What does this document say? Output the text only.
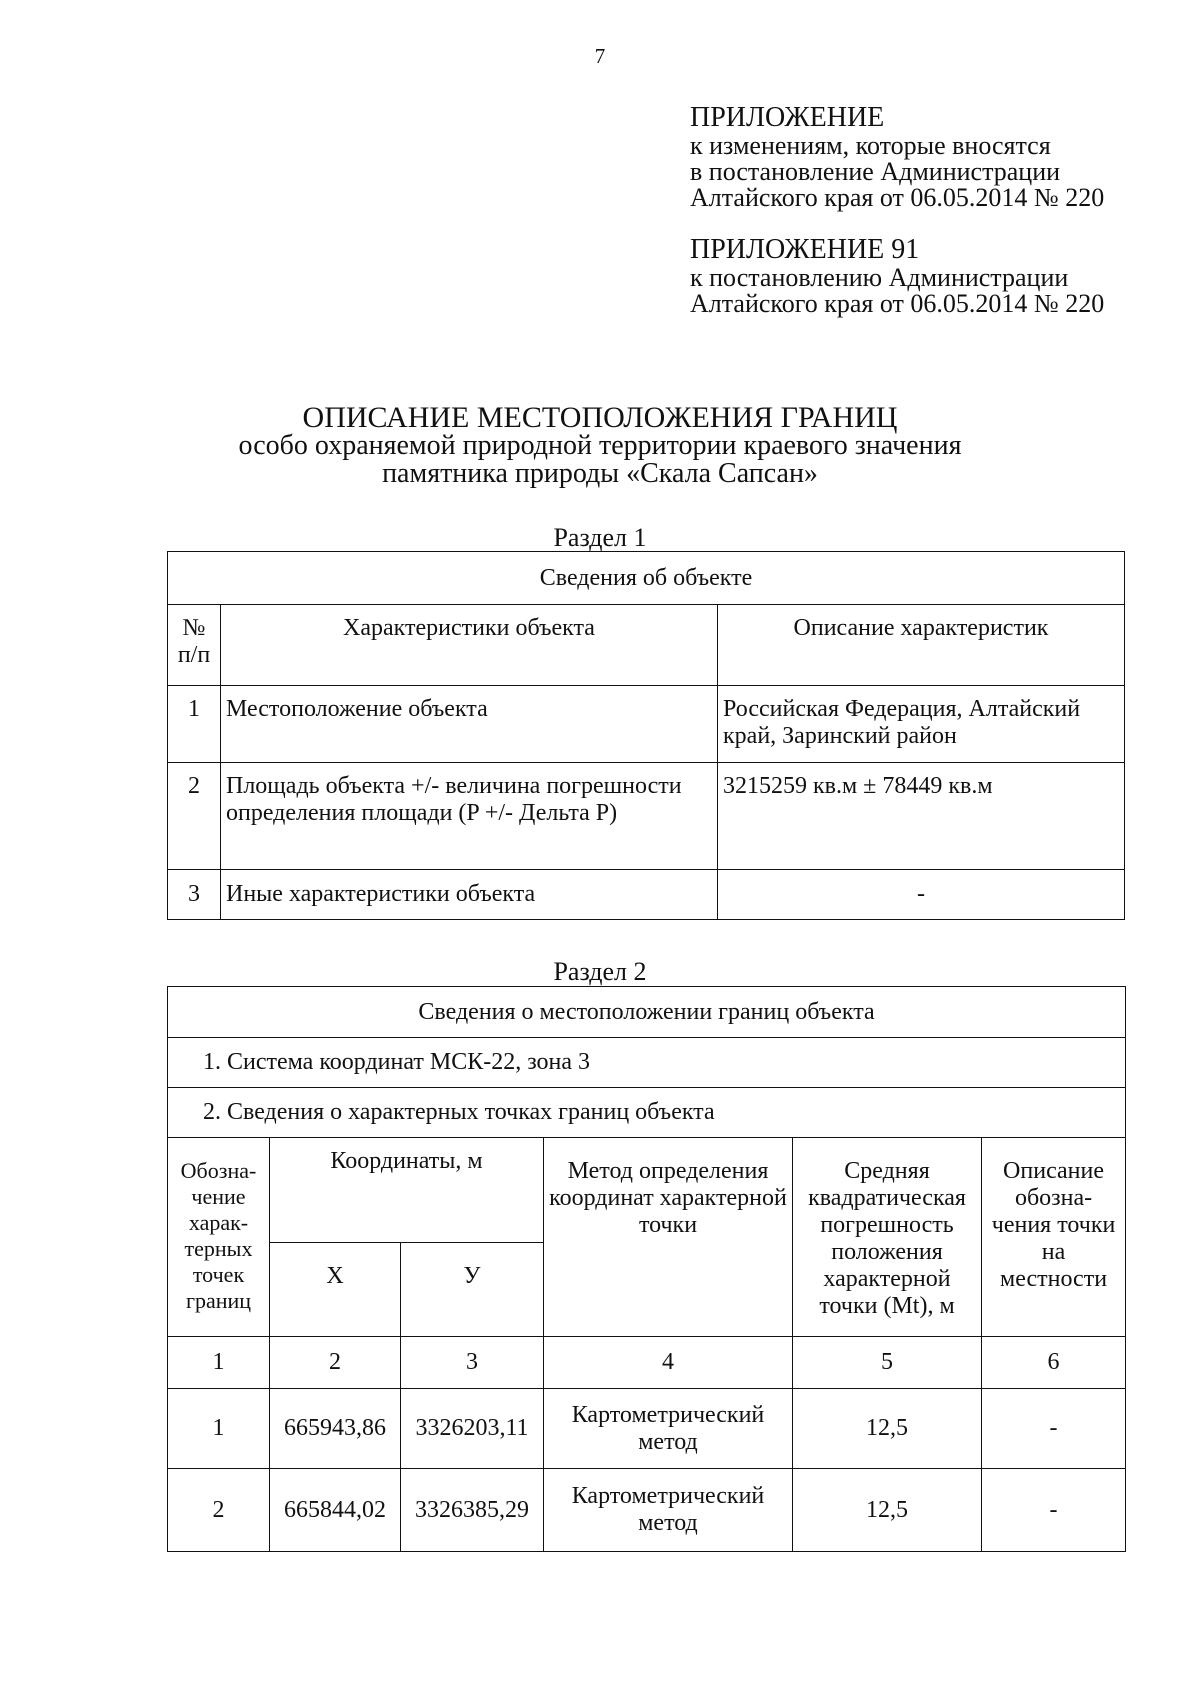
7
ПРИЛОЖЕНИЕ
к изменениям, которые вносятся
в постановление Администрации
Алтайского края от 06.05.2014 № 220
ПРИЛОЖЕНИЕ 91
к постановлению Администрации
Алтайского края от 06.05.2014 № 220
ОПИСАНИЕ МЕСТОПОЛОЖЕНИЯ ГРАНИЦ
особо охраняемой природной территории краевого значения
памятника природы «Скала Сапсан»
Раздел 1
Сведения об объекте		
№ п/п	Характеристики объекта	Описание характеристик
1	Местоположение объекта	Российская Федерация, Алтайский край, Заринский район
2	Площадь объекта +/- величина погрешности определения площади (P +/- Дельта P)	3215259 кв.м ± 78449 кв.м
3	Иные характеристики объекта	-
Раздел 2
Сведения о местоположении границ объекта					
1. Система координат МСК-22, зона 3					
2. Сведения о характерных точках границ объекта					
Обозна-чение харак-терных точек границ	Координаты, м		Метод определения координат характерной точки	Средняя квадратическая погрешность положения характерной точки (Mt), м	Описание обозна-чения точки на местности
	X	У			
1	2	3	4	5	6
1	665943,86	3326203,11	Картометрический метод	12,5	-
2	665844,02	3326385,29	Картометрический метод	12,5	-
